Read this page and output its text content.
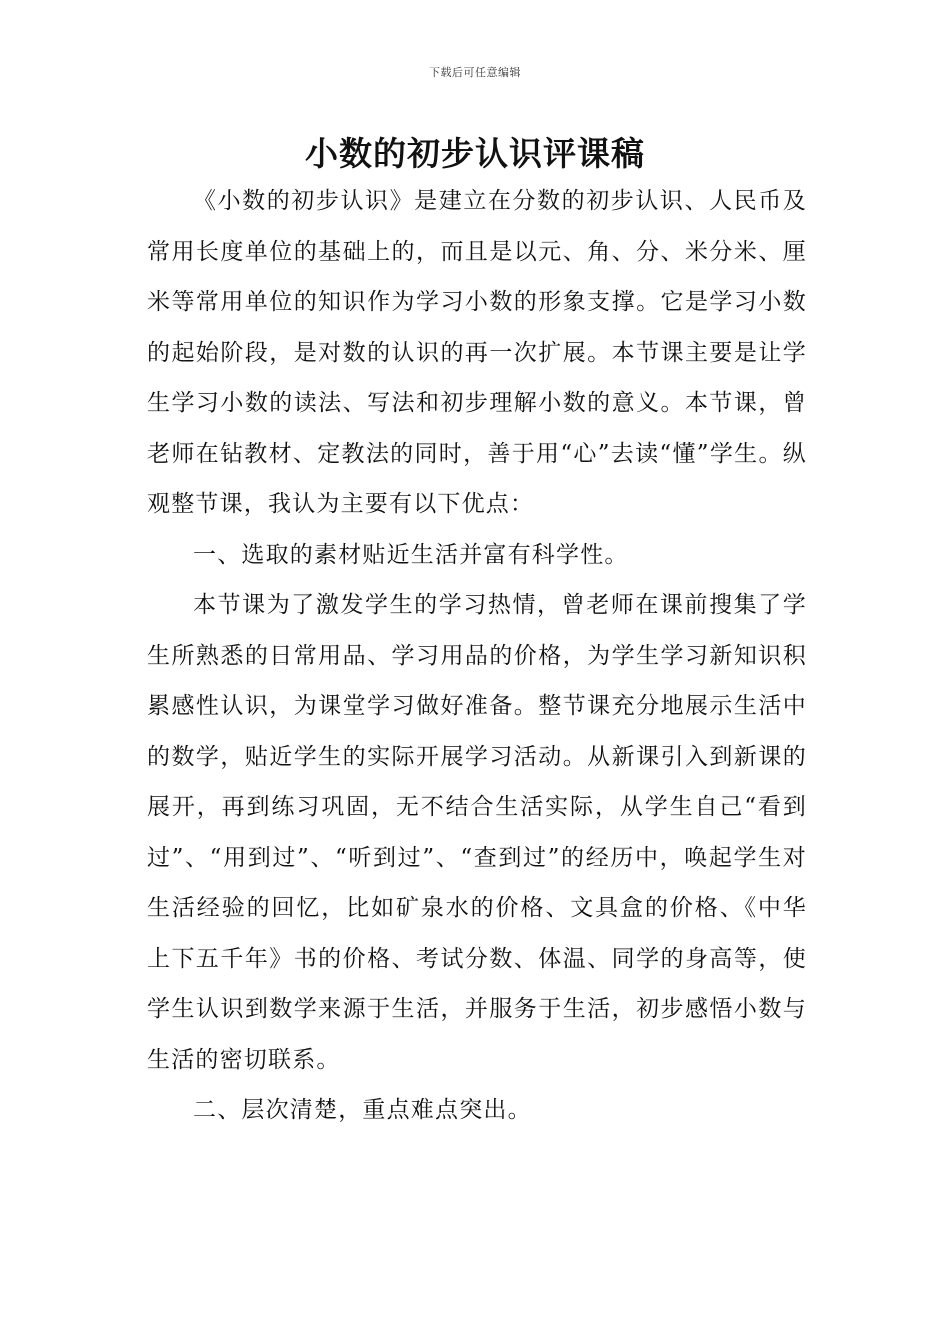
下载后可任意编辑
小数的初步认识评课稿

《小数的初步认识》是建立在分数的初步认识、人民币及常用长度单位的基础上的，而且是以元、角、分、米分米、厘米等常用单位的知识作为学习小数的形象支撑。它是学习小数的起始阶段，是对数的认识的再一次扩展。本节课主要是让学生学习小数的读法、写法和初步理解小数的意义。本节课，曾老师在钻教材、定教法的同时，善于用“心”去读“懂”学生。纵观整节课，我认为主要有以下优点：

一、选取的素材贴近生活并富有科学性。

本节课为了激发学生的学习热情，曾老师在课前搜集了学生所熟悉的日常用品、学习用品的价格，为学生学习新知识积累感性认识，为课堂学习做好准备。整节课充分地展示生活中的数学，贴近学生的实际开展学习活动。从新课引入到新课的展开，再到练习巩固，无不结合生活实际，从学生自己“看到过”、“用到过”、“听到过”、“查到过”的经历中，唤起学生对生活经验的回忆，比如矿泉水的价格、文具盒的价格、《中华上下五千年》书的价格、考试分数、体温、同学的身高等，使学生认识到数学来源于生活，并服务于生活，初步感悟小数与生活的密切联系。

二、层次清楚，重点难点突出。
